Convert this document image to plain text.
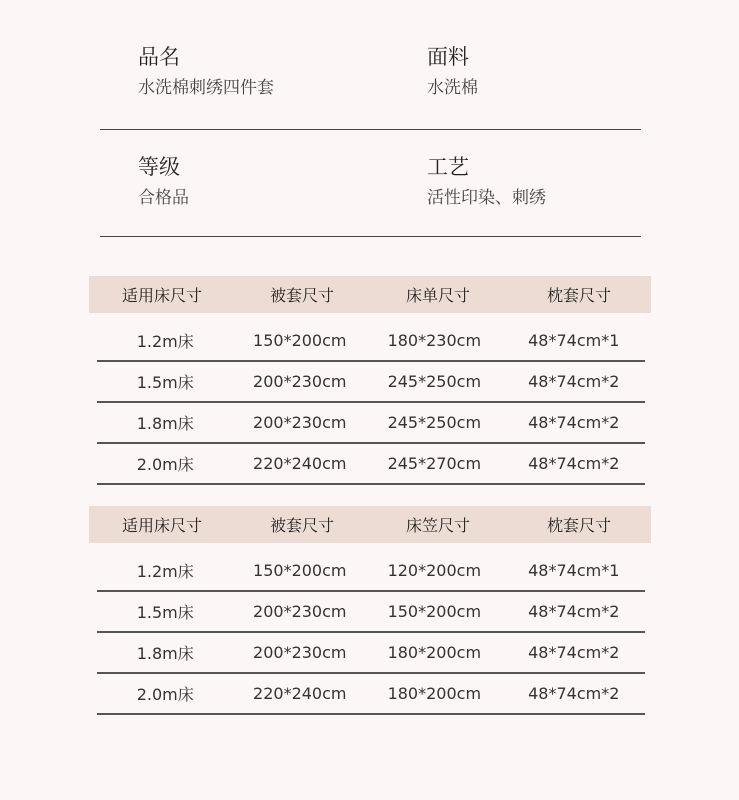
品名
水洗棉刺绣四件套
面料
水洗棉
等级
合格品
工艺
活性印染、刺绣
适用床尺寸	被套尺寸	床单尺寸	枕套尺寸
1.2m床	150*200cm	180*230cm	48*74cm*1
1.5m床	200*230cm	245*250cm	48*74cm*2
1.8m床	200*230cm	245*250cm	48*74cm*2
2.0m床	220*240cm	245*270cm	48*74cm*2
适用床尺寸	被套尺寸	床笠尺寸	枕套尺寸
1.2m床	150*200cm	120*200cm	48*74cm*1
1.5m床	200*230cm	150*200cm	48*74cm*2
1.8m床	200*230cm	180*200cm	48*74cm*2
2.0m床	220*240cm	180*200cm	48*74cm*2
